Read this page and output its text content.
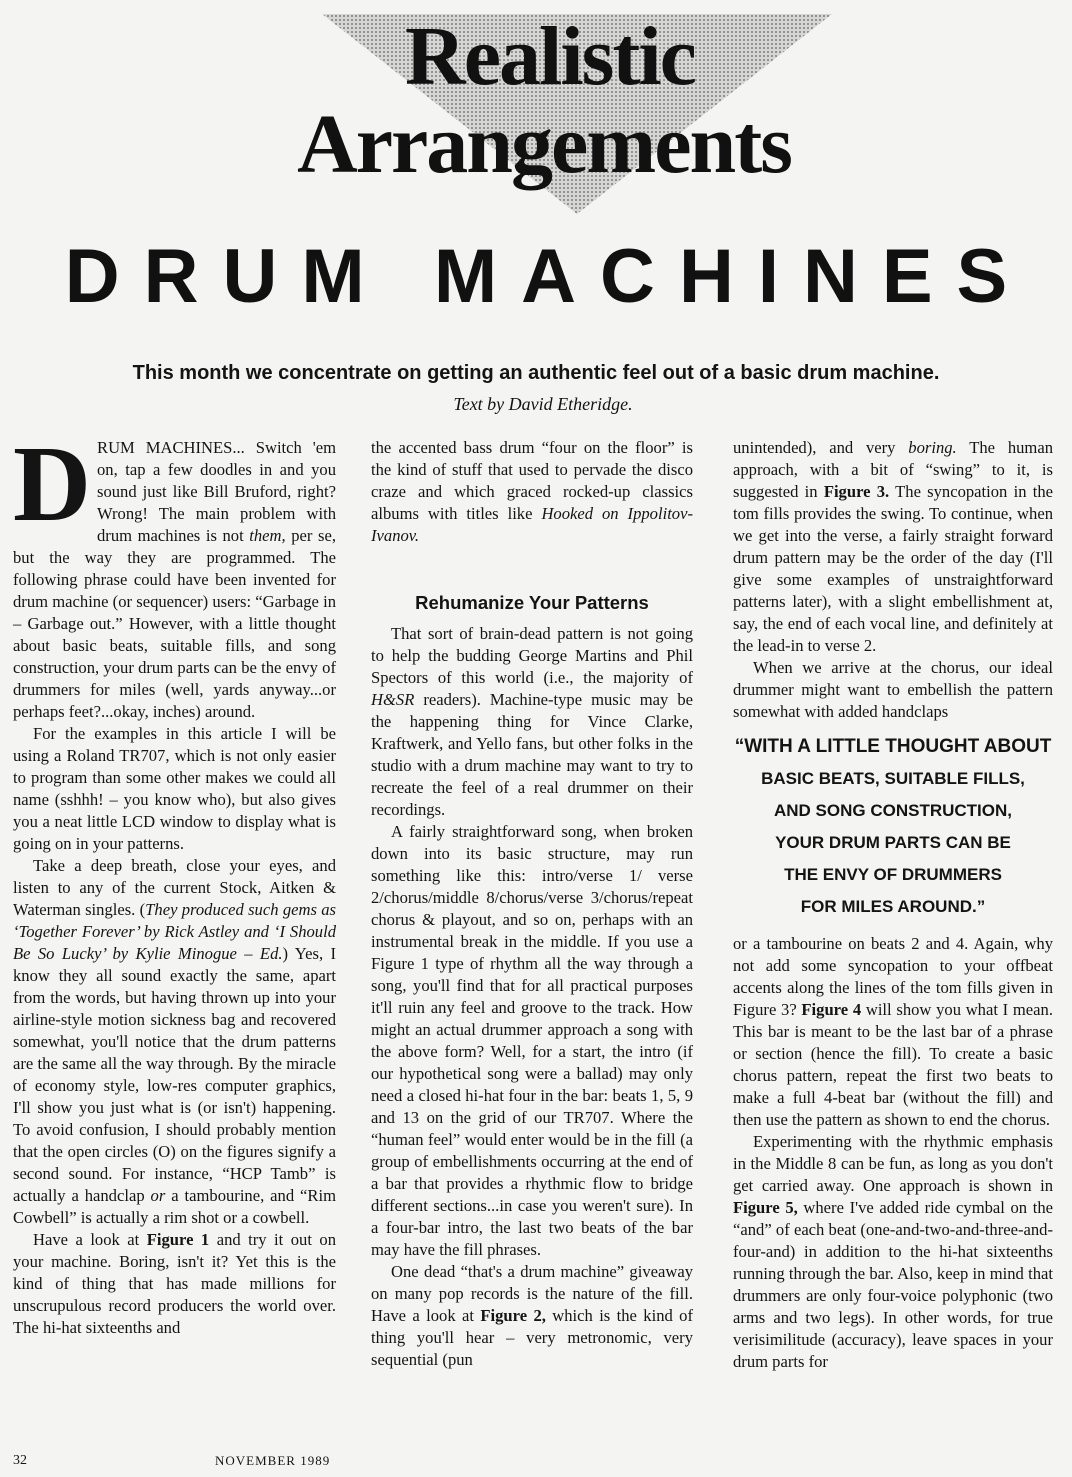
Realistic
Arrangements
DRUM MACHINES
This month we concentrate on getting an authentic feel out of a basic drum machine.
Text by David Etheridge.

DRUM MACHINES... Switch 'em on, tap a few doodles in and you sound just like Bill Bruford, right? Wrong! The main problem with drum machines is not them, per se, but the way they are programmed. The following phrase could have been invented for drum machine (or sequencer) users: “Garbage in – Garbage out.” However, with a little thought about basic beats, suitable fills, and song construction, your drum parts can be the envy of drummers for miles (well, yards anyway...or perhaps feet?...okay, inches) around.

For the examples in this article I will be using a Roland TR707, which is not only easier to program than some other makes we could all name (sshhh! – you know who), but also gives you a neat little LCD window to display what is going on in your patterns.

Take a deep breath, close your eyes, and listen to any of the current Stock, Aitken & Waterman singles. (They produced such gems as ‘Together Forever’ by Rick Astley and ‘I Should Be So Lucky’ by Kylie Minogue – Ed.) Yes, I know they all sound exactly the same, apart from the words, but having thrown up into your airline-style motion sickness bag and recovered somewhat, you'll notice that the drum patterns are the same all the way through. By the miracle of economy style, low-res computer graphics, I'll show you just what is (or isn't) happening. To avoid confusion, I should probably mention that the open circles (O) on the figures signify a second sound. For instance, “HCP Tamb” is actually a handclap or a tambourine, and “Rim Cowbell” is actually a rim shot or a cowbell.

Have a look at Figure 1 and try it out on your machine. Boring, isn't it? Yet this is the kind of thing that has made millions for unscrupulous record producers the world over. The hi-hat sixteenths and

the accented bass drum “four on the floor” is the kind of stuff that used to pervade the disco craze and which graced rocked-up classics albums with titles like Hooked on Ippolitov-Ivanov.

Rehumanize Your Patterns

That sort of brain-dead pattern is not going to help the budding George Martins and Phil Spectors of this world (i.e., the majority of H&SR readers). Machine-type music may be the happening thing for Vince Clarke, Kraftwerk, and Yello fans, but other folks in the studio with a drum machine may want to try to recreate the feel of a real drummer on their recordings.

A fairly straightforward song, when broken down into its basic structure, may run something like this: intro/verse 1/ verse 2/chorus/middle 8/chorus/verse 3/chorus/repeat chorus & playout, and so on, perhaps with an instrumental break in the middle. If you use a Figure 1 type of rhythm all the way through a song, you'll find that for all practical purposes it'll ruin any feel and groove to the track. How might an actual drummer approach a song with the above form? Well, for a start, the intro (if our hypothetical song were a ballad) may only need a closed hi-hat four in the bar: beats 1, 5, 9 and 13 on the grid of our TR707. Where the “human feel” would enter would be in the fill (a group of embellishments occurring at the end of a bar that provides a rhythmic flow to bridge different sections...in case you weren't sure). In a four-bar intro, the last two beats of the bar may have the fill phrases.

One dead “that's a drum machine” giveaway on many pop records is the nature of the fill. Have a look at Figure 2, which is the kind of thing you'll hear – very metronomic, very sequential (pun

unintended), and very boring. The human approach, with a bit of “swing” to it, is suggested in Figure 3. The syncopation in the tom fills provides the swing. To continue, when we get into the verse, a fairly straight forward drum pattern may be the order of the day (I'll give some examples of unstraightforward patterns later), with a slight embellishment at, say, the end of each vocal line, and definitely at the lead-in to verse 2.

When we arrive at the chorus, our ideal drummer might want to embellish the pattern somewhat with added handclaps

“WITH A LITTLE THOUGHT ABOUT
BASIC BEATS, SUITABLE FILLS,
AND SONG CONSTRUCTION,
YOUR DRUM PARTS CAN BE
THE ENVY OF DRUMMERS
FOR MILES AROUND.”

or a tambourine on beats 2 and 4. Again, why not add some syncopation to your offbeat accents along the lines of the tom fills given in Figure 3? Figure 4 will show you what I mean. This bar is meant to be the last bar of a phrase or section (hence the fill). To create a basic chorus pattern, repeat the first two beats to make a full 4-beat bar (without the fill) and then use the pattern as shown to end the chorus.

Experimenting with the rhythmic emphasis in the Middle 8 can be fun, as long as you don't get carried away. One approach is shown in Figure 5, where I've added ride cymbal on the “and” of each beat (one-and-two-and-three-and-four-and) in addition to the hi-hat sixteenths running through the bar. Also, keep in mind that drummers are only four-voice polyphonic (two arms and two legs). In other words, for true verisimilitude (accuracy), leave spaces in your drum parts for

32	NOVEMBER 1989
